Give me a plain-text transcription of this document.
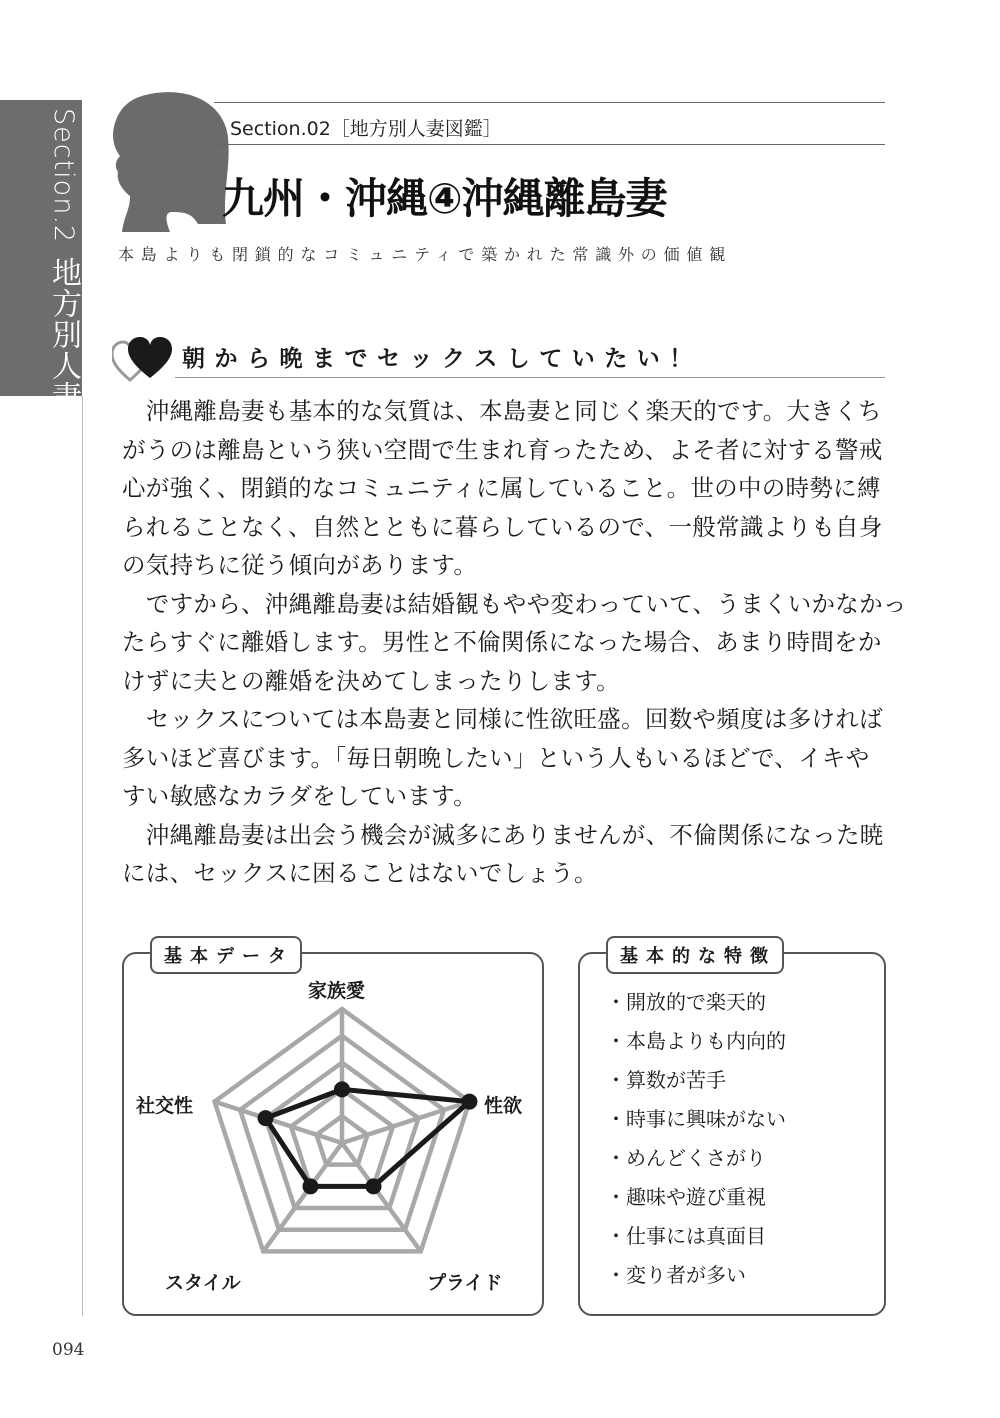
Section.2地方別人妻図鑑
Section.02［地方別人妻図鑑］
九州・沖縄④沖縄離島妻
本島よりも閉鎖的なコミュニティで築かれた常識外の価値観
朝から晩までセックスしていたい！
　沖縄離島妻も基本的な気質は、本島妻と同じく楽天的です。大きくち
がうのは離島という狭い空間で生まれ育ったため、よそ者に対する警戒
心が強く、閉鎖的なコミュニティに属していること。世の中の時勢に縛
られることなく、自然とともに暮らしているので、一般常識よりも自身
の気持ちに従う傾向があります。
　ですから、沖縄離島妻は結婚観もやや変わっていて、うまくいかなかっ
たらすぐに離婚します。男性と不倫関係になった場合、あまり時間をか
けずに夫との離婚を決めてしまったりします。
　セックスについては本島妻と同様に性欲旺盛。回数や頻度は多ければ
多いほど喜びます。「毎日朝晩したい」という人もいるほどで、イキや
すい敏感なカラダをしています。
　沖縄離島妻は出会う機会が滅多にありませんが、不倫関係になった暁
には、セックスに困ることはないでしょう。
基本データ
家族愛
性欲
プライド
スタイル
社交性
基本的な特徴
・開放的で楽天的
・本島よりも内向的
・算数が苦手
・時事に興味がない
・めんどくさがり
・趣味や遊び重視
・仕事には真面目
・変り者が多い
094
